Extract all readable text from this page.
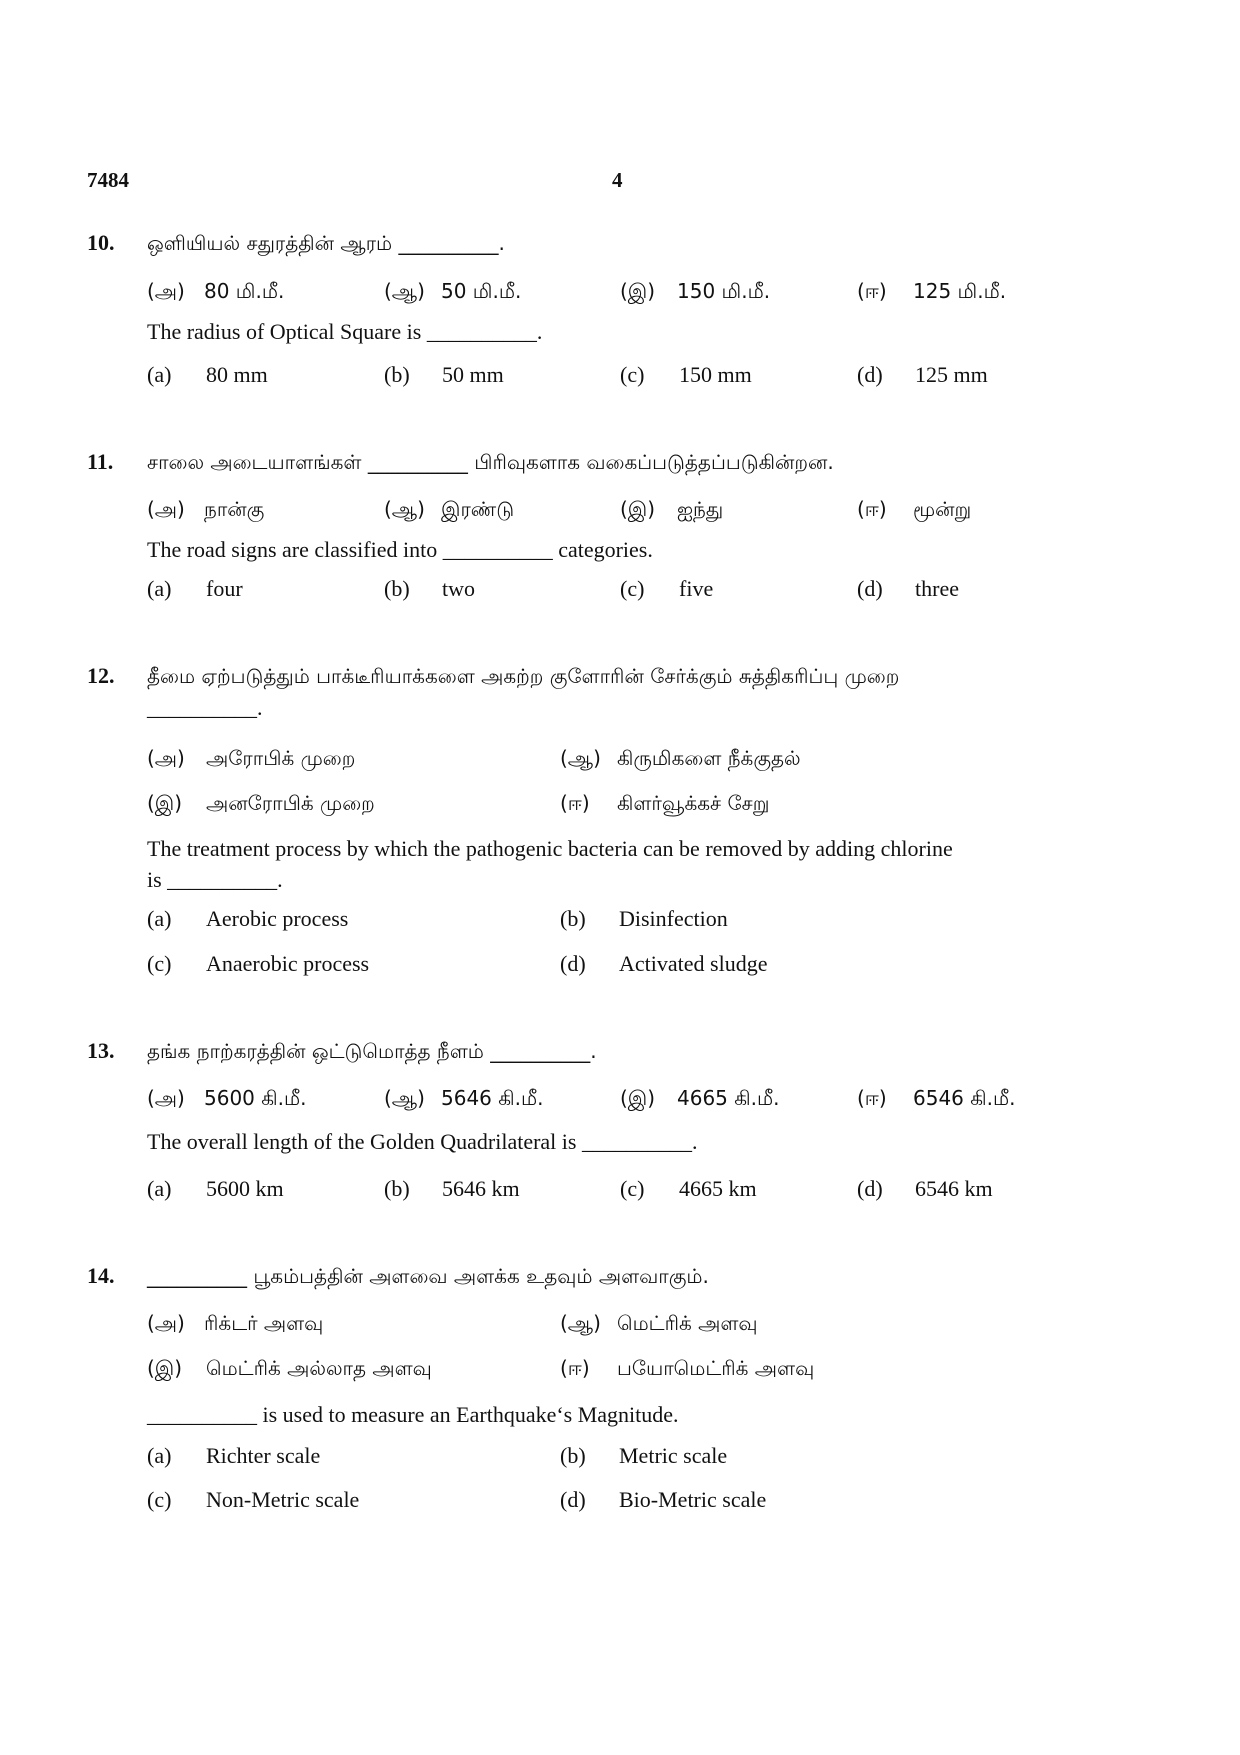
7484	4
10. ஒளியியல் சதுரத்தின் ஆரம் __________.
(அ) 80 மி.மீ.	(ஆ) 50 மி.மீ.	(இ) 150 மி.மீ.	(ஈ) 125 மி.மீ.
The radius of Optical Square is __________.
(a) 80 mm	(b) 50 mm	(c) 150 mm	(d) 125 mm
11. சாலை அடையாளங்கள் __________ பிரிவுகளாக வகைப்படுத்தப்படுகின்றன.
(அ) நான்கு	(ஆ) இரண்டு	(இ) ஐந்து	(ஈ) மூன்று
The road signs are classified into __________ categories.
(a) four	(b) two	(c) five	(d) three
12. தீமை ஏற்படுத்தும் பாக்டீரியாக்களை அகற்ற குளோரின் சேர்க்கும் சுத்திகரிப்பு முறை
__________.
(அ) அரோபிக் முறை	(ஆ) கிருமிகளை நீக்குதல்
(இ) அனரோபிக் முறை	(ஈ) கிளர்வூக்கச் சேறு
The treatment process by which the pathogenic bacteria can be removed by adding chlorine
is __________.
(a) Aerobic process	(b) Disinfection
(c) Anaerobic process	(d) Activated sludge
13. தங்க நாற்கரத்தின் ஒட்டுமொத்த நீளம் __________.
(அ) 5600 கி.மீ.	(ஆ) 5646 கி.மீ.	(இ) 4665 கி.மீ.	(ஈ) 6546 கி.மீ.
The overall length of the Golden Quadrilateral is __________.
(a) 5600 km	(b) 5646 km	(c) 4665 km	(d) 6546 km
14. __________ பூகம்பத்தின் அளவை அளக்க உதவும் அளவாகும்.
(அ) ரிக்டர் அளவு	(ஆ) மெட்ரிக் அளவு
(இ) மெட்ரிக் அல்லாத அளவு	(ஈ) பயோமெட்ரிக் அளவு
__________ is used to measure an Earthquake‘s Magnitude.
(a) Richter scale	(b) Metric scale
(c) Non-Metric scale	(d) Bio-Metric scale
